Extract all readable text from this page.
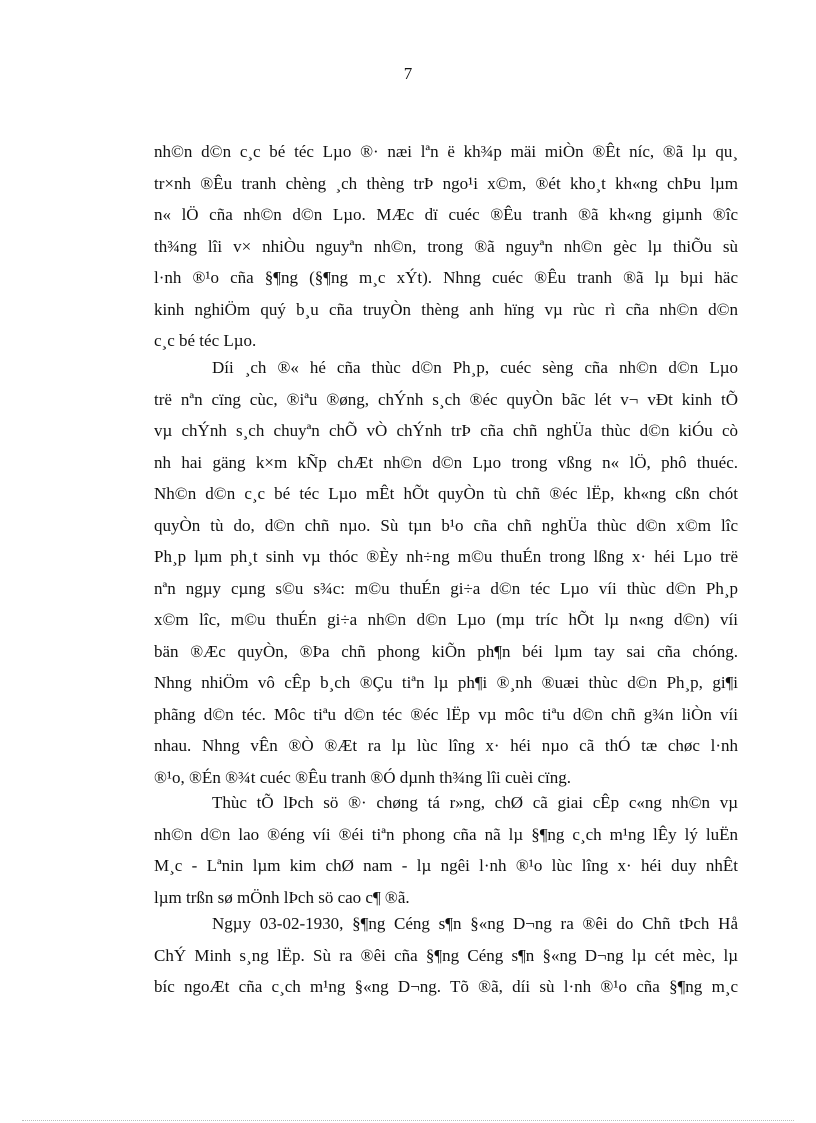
7
nh©n d©n c¸c bé téc Lµo ®· næi lªn ë kh¾p mäi miÒn ®Êt níc, ®ã lµ qu¸
tr×nh ®Êu tranh chèng ¸ch thèng trÞ ngo¹i x©m, ®ét kho¸t kh«ng chÞu lµm
n« lÖ cña nh©n d©n Lµo. MÆc dï cuéc ®Êu tranh ®ã kh«ng giµnh ®îc
th¾ng lîi v× nhiÒu nguyªn nh©n, trong ®ã nguyªn nh©n gèc lµ thiÕu sù
l·nh ®¹o cña §¶ng (§¶ng m¸c xÝt). Nhng cuéc ®Êu tranh ®ã lµ bµi häc
kinh nghiÖm quý b¸u cña truyÒn thèng anh hïng vµ rùc rì cña nh©n d©n
c¸c bé téc Lµo.
Díi ¸ch ®« hé cña thùc d©n Ph¸p, cuéc sèng cña nh©n d©n Lµo
trë nªn cïng cùc, ®iªu ®øng, chÝnh s¸ch ®éc quyÒn bãc lét v¬ vÐt kinh tÕ
vµ chÝnh s¸ch chuyªn chÕ vÒ chÝnh trÞ cña chñ nghÜa thùc d©n kiÓu cò
nh hai gäng k×m kÑp chÆt nh©n d©n Lµo trong vßng n« lÖ, phô thuéc.
Nh©n d©n c¸c bé téc Lµo mÊt hÕt quyÒn tù chñ ®éc lËp, kh«ng cßn chót
quyÒn tù do, d©n chñ nµo. Sù tµn b¹o cña chñ nghÜa thùc d©n x©m lîc
Ph¸p lµm ph¸t sinh vµ thóc ®Èy nh÷ng m©u thuÉn trong lßng x· héi Lµo trë
nªn ngµy cµng s©u s¾c: m©u thuÉn gi÷a d©n téc Lµo víi thùc d©n Ph¸p
x©m lîc, m©u thuÉn gi÷a nh©n d©n Lµo (mµ tríc hÕt lµ n«ng d©n) víi
bän ®Æc quyÒn, ®Þa chñ phong kiÕn ph¶n béi lµm tay sai cña chóng.
Nhng nhiÖm vô cÊp b¸ch ®Çu tiªn lµ ph¶i ®¸nh ®uæi thùc d©n Ph¸p, gi¶i
phãng d©n téc. Môc tiªu d©n téc ®éc lËp vµ môc tiªu d©n chñ g¾n liÒn víi
nhau. Nhng vÊn ®Ò ®Æt ra lµ lùc lîng x· héi nµo cã thÓ tæ chøc l·nh
®¹o, ®Én ®¾t cuéc ®Êu tranh ®Ó dµnh th¾ng lîi cuèi cïng.
Thùc tÕ lÞch sö ®· chøng tá r»ng, chØ cã giai cÊp c«ng nh©n vµ
nh©n d©n lao ®éng víi ®éi tiªn phong cña nã lµ §¶ng c¸ch m¹ng lÊy lý luËn
M¸c - Lªnin lµm kim chØ nam - lµ ngêi l·nh ®¹o lùc lîng x· héi duy nhÊt
lµm trßn sø mÖnh lÞch sö cao c¶ ®ã.
Ngµy 03-02-1930, §¶ng Céng s¶n §«ng D¬ng ra ®êi do Chñ tÞch Hå
ChÝ Minh s¸ng lËp. Sù ra ®êi cña §¶ng Céng s¶n §«ng D¬ng lµ cét mèc, lµ
bíc ngoÆt cña c¸ch m¹ng §«ng D¬ng. Tõ ®ã, díi sù l·nh ®¹o cña §¶ng m¸c
